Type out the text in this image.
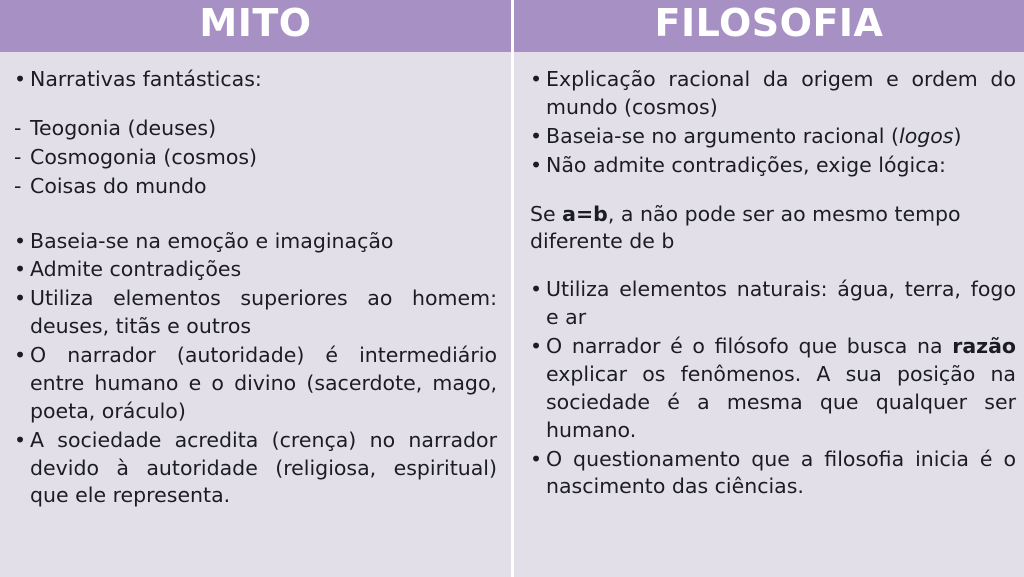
MITO	FILOSOFIA
• Narrativas fantásticas:
- Teogonia (deuses)
- Cosmogonia (cosmos)
- Coisas do mundo
• Baseia-se na emoção e imaginação
• Admite contradições
• Utiliza elementos superiores ao homem: deuses, titãs e outros
• O narrador (autoridade) é intermediário entre humano e o divino (sacerdote, mago, poeta, oráculo)
• A sociedade acredita (crença) no narrador devido à autoridade (religiosa, espiritual) que ele representa.
• Explicação racional da origem e ordem do mundo (cosmos)
• Baseia-se no argumento racional (logos)
• Não admite contradições, exige lógica:

Se a=b, a não pode ser ao mesmo tempo diferente de b

• Utiliza elementos naturais: água, terra, fogo e ar
• O narrador é o filósofo que busca na razão explicar os fenômenos. A sua posição na sociedade é a mesma que qualquer ser humano.
• O questionamento que a filosofia inicia é o nascimento das ciências.
